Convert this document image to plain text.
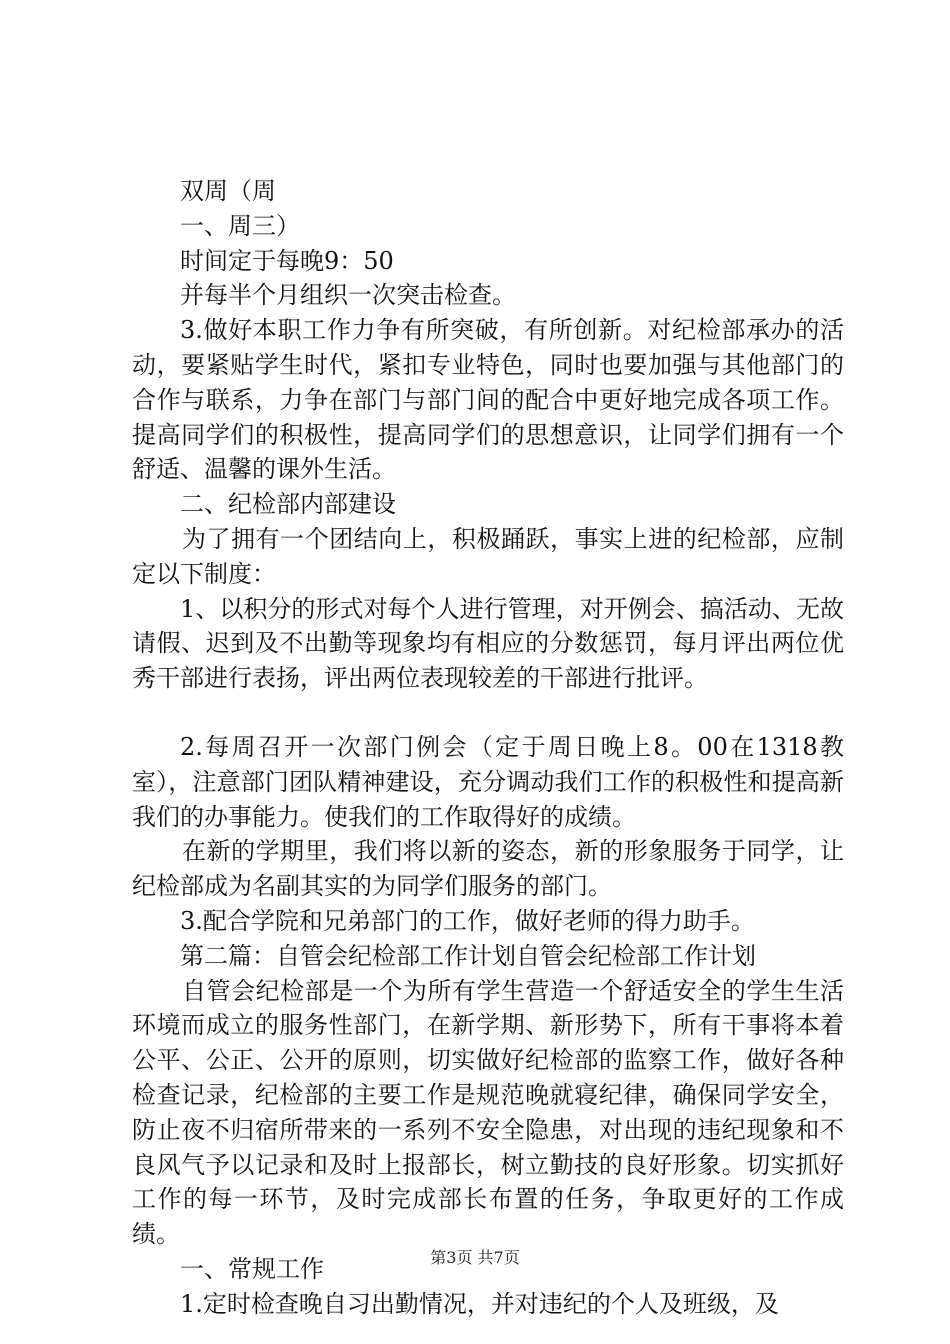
双周（周

一、周三）

时间定于每晚9：50

并每半个月组织一次突击检查。

3.做好本职工作力争有所突破，有所创新。对纪检部承办的活动，要紧贴学生时代，紧扣专业特色，同时也要加强与其他部门的合作与联系，力争在部门与部门间的配合中更好地完成各项工作。提高同学们的积极性，提高同学们的思想意识，让同学们拥有一个舒适、温馨的课外生活。

二、纪检部内部建设

为了拥有一个团结向上，积极踊跃，事实上进的纪检部，应制定以下制度：

1、以积分的形式对每个人进行管理，对开例会、搞活动、无故请假、迟到及不出勤等现象均有相应的分数惩罚，每月评出两位优秀干部进行表扬，评出两位表现较差的干部进行批评。

2.每周召开一次部门例会（定于周日晚上8。00在1318教室），注意部门团队精神建设，充分调动我们工作的积极性和提高新我们的办事能力。使我们的工作取得好的成绩。

在新的学期里，我们将以新的姿态，新的形象服务于同学，让纪检部成为名副其实的为同学们服务的部门。

3.配合学院和兄弟部门的工作，做好老师的得力助手。

第二篇：自管会纪检部工作计划自管会纪检部工作计划

自管会纪检部是一个为所有学生营造一个舒适安全的学生生活环境而成立的服务性部门，在新学期、新形势下，所有干事将本着公平、公正、公开的原则，切实做好纪检部的监察工作，做好各种检查记录，纪检部的主要工作是规范晚就寝纪律，确保同学安全，防止夜不归宿所带来的一系列不安全隐患，对出现的违纪现象和不良风气予以记录和及时上报部长，树立勤技的良好形象。切实抓好工作的每一环节，及时完成部长布置的任务，争取更好的工作成绩。

一、常规工作

1.定时检查晚自习出勤情况，并对违纪的个人及班级，及

第3页 共7页
